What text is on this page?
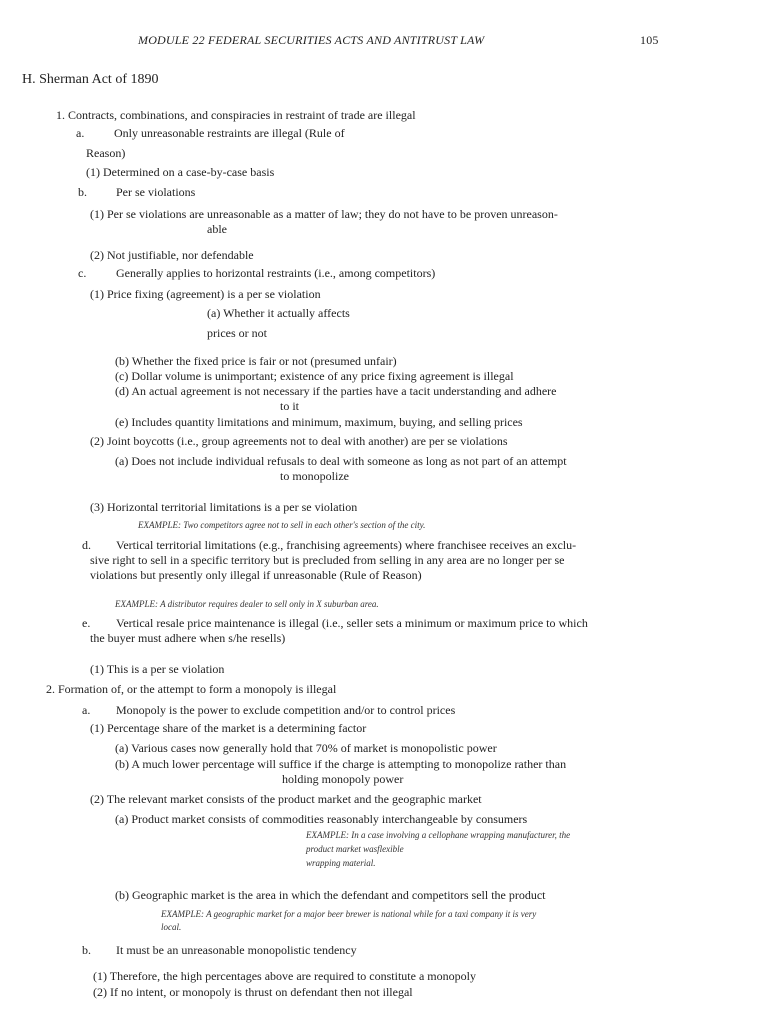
MODULE 22 FEDERAL SECURITIES ACTS AND ANTITRUST LAW	105
H. Sherman Act of 1890
1. Contracts, combinations, and conspiracies in restraint of trade are illegal
a. Only unreasonable restraints are illegal (Rule of
Reason)
(1) Determined on a case-by-case basis
b. Per se violations
(1) Per se violations are unreasonable as a matter of law; they do not have to be proven unreason-
able
(2) Not justifiable, nor defendable
c. Generally applies to horizontal restraints (i.e., among competitors)
(1) Price fixing (agreement) is a per se violation
(a) Whether it actually affects
prices or not
(b) Whether the fixed price is fair or not (presumed unfair)
(c) Dollar volume is unimportant; existence of any price fixing agreement is illegal
(d) An actual agreement is not necessary if the parties have a tacit understanding and adhere
to it
(e) Includes quantity limitations and minimum, maximum, buying, and selling prices
(2) Joint boycotts (i.e., group agreements not to deal with another) are per se violations
(a) Does not include individual refusals to deal with someone as long as not part of an attempt
to monopolize
(3) Horizontal territorial limitations is a per se violation
EXAMPLE: Two competitors agree not to sell in each other's section of the city.
d. Vertical territorial limitations (e.g., franchising agreements) where franchisee receives an exclu-
sive right to sell in a specific territory but is precluded from selling in any area are no longer per se
violations but presently only illegal if unreasonable (Rule of Reason)
EXAMPLE: A distributor requires dealer to sell only in X suburban area.
e. Vertical resale price maintenance is illegal (i.e., seller sets a minimum or maximum price to which
the buyer must adhere when s/he resells)
(1) This is a per se violation
2. Formation of, or the attempt to form a monopoly is illegal
a. Monopoly is the power to exclude competition and/or to control prices
(1) Percentage share of the market is a determining factor
(a) Various cases now generally hold that 70% of market is monopolistic power
(b) A much lower percentage will suffice if the charge is attempting to monopolize rather than
holding monopoly power
(2) The relevant market consists of the product market and the geographic market
(a) Product market consists of commodities reasonably interchangeable by consumers
EXAMPLE: In a case involving a cellophane wrapping manufacturer, the
product market wasflexible
wrapping material.
(b) Geographic market is the area in which the defendant and competitors sell the product
EXAMPLE: A geographic market for a major beer brewer is national while for a taxi company it is very
local.
b. It must be an unreasonable monopolistic tendency
(1) Therefore, the high percentages above are required to constitute a monopoly
(2) If no intent, or monopoly is thrust on defendant then not illegal
